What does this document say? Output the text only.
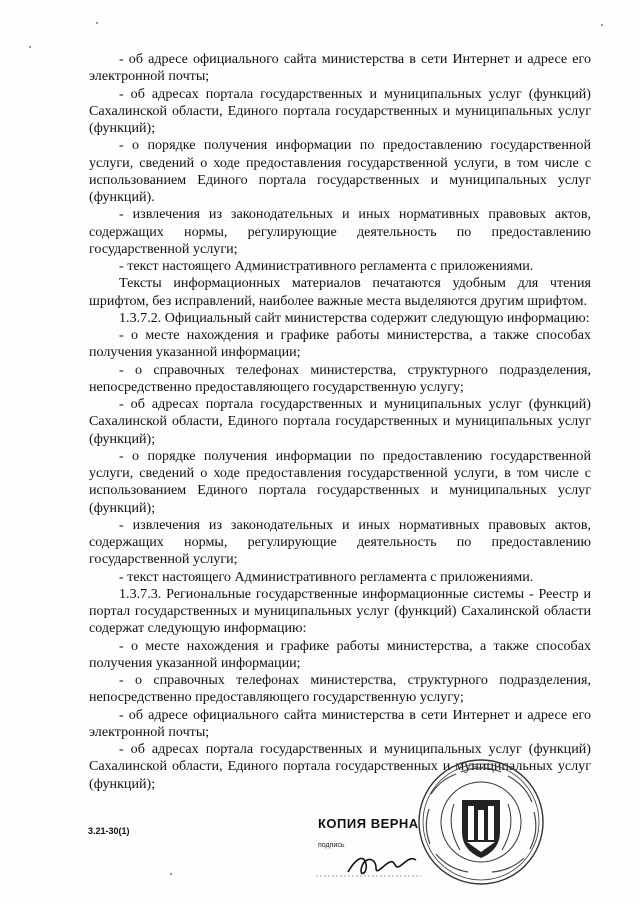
- об адресе официального сайта министерства в сети Интернет и адресе его электронной почты;

- об адресах портала государственных и муниципальных услуг (функций) Сахалинской области, Единого портала государственных и муниципальных услуг (функций);

- о порядке получения информации по предоставлению государственной услуги, сведений о ходе предоставления государственной услуги, в том числе с использованием Единого портала государственных и муниципальных услуг (функций).

- извлечения из законодательных и иных нормативных правовых актов, содержащих нормы, регулирующие деятельность по предоставлению государственной услуги;

- текст настоящего Административного регламента с приложениями.

Тексты информационных материалов печатаются удобным для чтения шрифтом, без исправлений, наиболее важные места выделяются другим шрифтом.

1.3.7.2. Официальный сайт министерства содержит следующую информацию:

- о месте нахождения и графике работы министерства, а также способах получения указанной информации;

- о справочных телефонах министерства, структурного подразделения, непосредственно предоставляющего государственную услугу;

- об адресах портала государственных и муниципальных услуг (функций) Сахалинской области, Единого портала государственных и муниципальных услуг (функций);

- о порядке получения информации по предоставлению государственной услуги, сведений о ходе предоставления государственной услуги, в том числе с использованием Единого портала государственных и муниципальных услуг (функций);

- извлечения из законодательных и иных нормативных правовых актов, содержащих нормы, регулирующие деятельность по предоставлению государственной услуги;

- текст настоящего Административного регламента с приложениями.

1.3.7.3. Региональные государственные информационные системы - Реестр и портал государственных и муниципальных услуг (функций) Сахалинской области содержат следующую информацию:

- о месте нахождения и графике работы министерства, а также способах получения указанной информации;

- о справочных телефонах министерства, структурного подразделения, непосредственно предоставляющего государственную услугу;

- об адресе официального сайта министерства в сети Интернет и адресе его электронной почты;

- об адресах портала государственных и муниципальных услуг (функций) Сахалинской области, Единого портала государственных и муниципальных услуг (функций);

3.21-30(1)	КОПИЯ ВЕРНА
подпись
